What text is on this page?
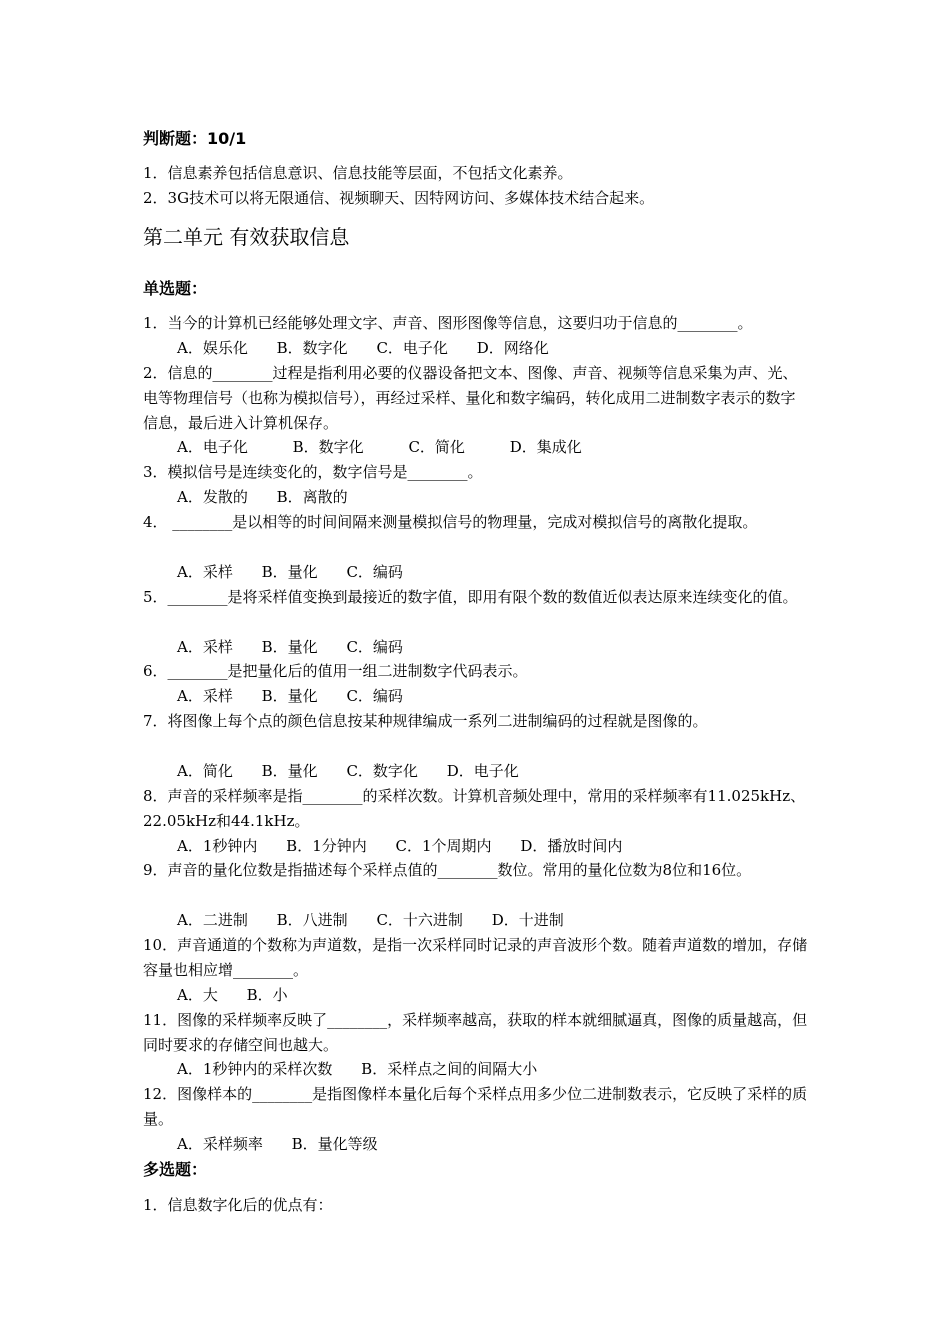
判断题：10/1
1．信息素养包括信息意识、信息技能等层面，不包括文化素养。
2．3G技术可以将无限通信、视频聊天、因特网访问、多媒体技术结合起来。
第二单元 有效获取信息
单选题：
1．当今的计算机已经能够处理文字、声音、图形图像等信息，这要归功于信息的________。
A．娱乐化 B．数字化 C．电子化 D．网络化
2．信息的________过程是指利用必要的仪器设备把文本、图像、声音、视频等信息采集为声、光、电等物理信号（也称为模拟信号），再经过采样、量化和数字编码，转化成用二进制数字表示的数字信息，最后进入计算机保存。
A．电子化	B．数字化	C．简化	D．集成化
3．模拟信号是连续变化的，数字信号是________。
A．发散的 B．离散的
4． ________是以相等的时间间隔来测量模拟信号的物理量，完成对模拟信号的离散化提取。
A．采样 B．量化 C．编码
5．________是将采样值变换到最接近的数字值，即用有限个数的数值近似表达原来连续变化的值。
A．采样 B．量化 C．编码
6．________是把量化后的值用一组二进制数字代码表示。
A．采样 B．量化 C．编码
7．将图像上每个点的颜色信息按某种规律编成一系列二进制编码的过程就是图像的。
A．简化 B．量化 C．数字化 D．电子化
8．声音的采样频率是指________的采样次数。计算机音频处理中，常用的采样频率有11.025kHz、22.05kHz和44.1kHz。
A．1秒钟内 B．1分钟内 C．1个周期内 D．播放时间内
9．声音的量化位数是指描述每个采样点值的________数位。常用的量化位数为8位和16位。
A．二进制 B．八进制 C．十六进制 D．十进制
10．声音通道的个数称为声道数，是指一次采样同时记录的声音波形个数。随着声道数的增加，存储容量也相应增________。
A．大 B．小
11．图像的采样频率反映了________，采样频率越高，获取的样本就细腻逼真，图像的质量越高，但同时要求的存储空间也越大。
A．1秒钟内的采样次数 B．采样点之间的间隔大小
12．图像样本的________是指图像样本量化后每个采样点用多少位二进制数表示，它反映了采样的质量。
A．采样频率 B．量化等级
多选题：
1．信息数字化后的优点有：
